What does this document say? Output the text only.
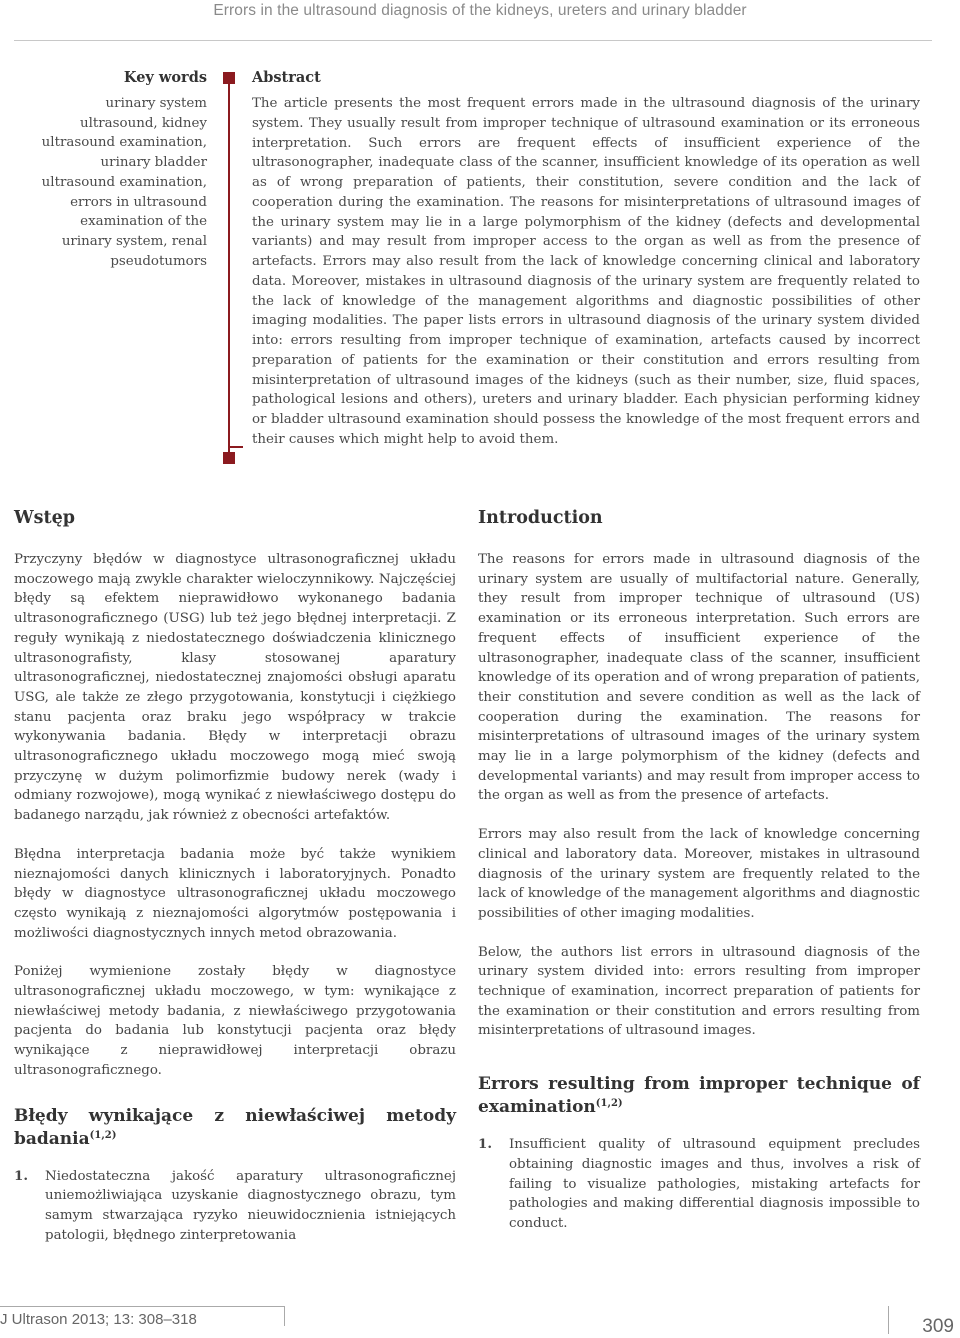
Errors in the ultrasound diagnosis of the kidneys, ureters and urinary bladder
Key words
urinary system
ultrasound, kidney
ultrasound examination,
urinary bladder
ultrasound examination,
errors in ultrasound
examination of the
urinary system, renal
pseudotumors
Abstract
The article presents the most frequent errors made in the ultrasound diagnosis of the urinary system. They usually result from improper technique of ultrasound examination or its erroneous interpretation. Such errors are frequent effects of insufficient experience of the ultrasonographer, inadequate class of the scanner, insufficient knowledge of its operation as well as of wrong preparation of patients, their constitution, severe condition and the lack of cooperation during the examination. The reasons for misinterpretations of ultrasound images of the urinary system may lie in a large polymorphism of the kidney (defects and developmental variants) and may result from improper access to the organ as well as from the presence of artefacts. Errors may also result from the lack of knowledge concerning clinical and laboratory data. Moreover, mistakes in ultrasound diagnosis of the urinary system are frequently related to the lack of knowledge of the management algorithms and diagnostic possibilities of other imaging modalities. The paper lists errors in ultrasound diagnosis of the urinary system divided into: errors resulting from improper technique of examination, artefacts caused by incorrect preparation of patients for the examination or their constitution and errors resulting from misinterpretation of ultrasound images of the kidneys (such as their number, size, fluid spaces, pathological lesions and others), ureters and urinary bladder. Each physician performing kidney or bladder ultrasound examination should possess the knowledge of the most frequent errors and their causes which might help to avoid them.
Wstęp

Przyczyny błędów w diagnostyce ultrasonograficznej układu moczowego mają zwykle charakter wieloczynnikowy. Najczęściej błędy są efektem nieprawidłowo wykonanego badania ultrasonograficznego (USG) lub też jego błędnej interpretacji. Z reguły wynikają z niedostatecznego doświadczenia klinicznego ultrasonografisty, klasy stosowanej aparatury ultrasonograficznej, niedostatecznej znajomości obsługi aparatu USG, ale także ze złego przygotowania, konstytucji i ciężkiego stanu pacjenta oraz braku jego współpracy w trakcie wykonywania badania. Błędy w interpretacji obrazu ultrasonograficznego układu moczowego mogą mieć swoją przyczynę w dużym polimorfizmie budowy nerek (wady i odmiany rozwojowe), mogą wynikać z niewłaściwego dostępu do badanego narządu, jak również z obecności artefaktów.

Błędna interpretacja badania może być także wynikiem nieznajomości danych klinicznych i laboratoryjnych. Ponadto błędy w diagnostyce ultrasonograficznej układu moczowego często wynikają z nieznajomości algorytmów postępowania i możliwości diagnostycznych innych metod obrazowania.

Poniżej wymienione zostały błędy w diagnostyce ultrasonograficznej układu moczowego, w tym: wynikające z niewłaściwej metody badania, z niewłaściwego przygotowania pacjenta do badania lub konstytucji pacjenta oraz błędy wynikające z nieprawidłowej interpretacji obrazu ultrasonograficznego.

Błędy wynikające z niewłaściwej metody badania$^{(1,2)}$

1. Niedostateczna jakość aparatury ultrasonograficznej uniemożliwiająca uzyskanie diagnostycznego obrazu, tym samym stwarzająca ryzyko nieuwidocznienia istniejących patologii, błędnego zinterpretowania

Introduction

The reasons for errors made in ultrasound diagnosis of the urinary system are usually of multifactorial nature. Generally, they result from improper technique of ultrasound (US) examination or its erroneous interpretation. Such errors are frequent effects of insufficient experience of the ultrasonographer, inadequate class of the scanner, insufficient knowledge of its operation and of wrong preparation of patients, their constitution and severe condition as well as the lack of cooperation during the examination. The reasons for misinterpretations of ultrasound images of the urinary system may lie in a large polymorphism of the kidney (defects and developmental variants) and may result from improper access to the organ as well as from the presence of artefacts.

Errors may also result from the lack of knowledge concerning clinical and laboratory data. Moreover, mistakes in ultrasound diagnosis of the urinary system are frequently related to the lack of knowledge of the management algorithms and diagnostic possibilities of other imaging modalities.

Below, the authors list errors in ultrasound diagnosis of the urinary system divided into: errors resulting from improper technique of examination, incorrect preparation of patients for the examination or their constitution and errors resulting from misinterpretations of ultrasound images.

Errors resulting from improper technique of examination$^{(1,2)}$

1. Insufficient quality of ultrasound equipment precludes obtaining diagnostic images and thus, involves a risk of failing to visualize pathologies, mistaking artefacts for pathologies and making differential diagnosis impossible to conduct.

J Ultrason 2013; 13: 308–318	309
